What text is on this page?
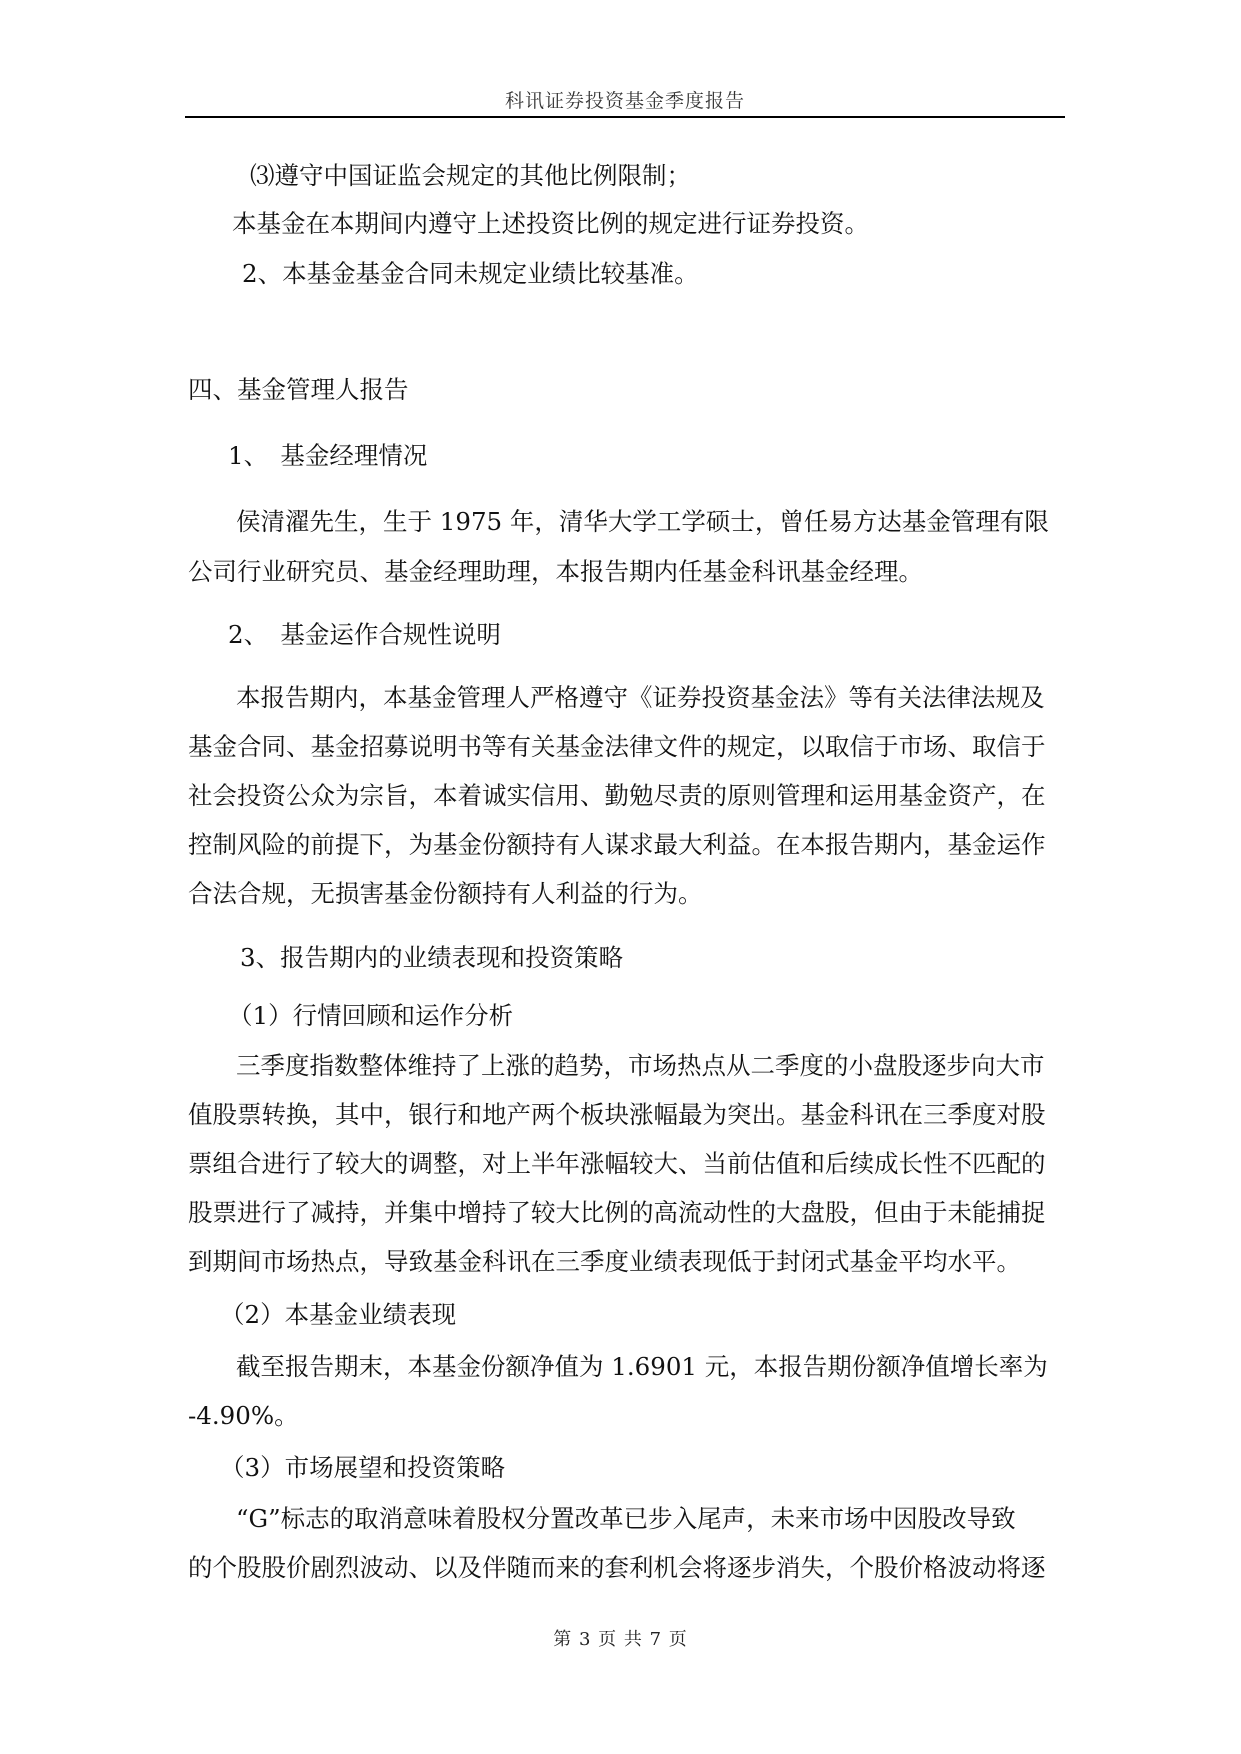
科讯证券投资基金季度报告
⑶遵守中国证监会规定的其他比例限制；
本基金在本期间内遵守上述投资比例的规定进行证券投资。
2、本基金基金合同未规定业绩比较基准。
四、基金管理人报告
1、　基金经理情况
侯清濯先生，生于 1975 年，清华大学工学硕士，曾任易方达基金管理有限
公司行业研究员、基金经理助理，本报告期内任基金科讯基金经理。
2、　基金运作合规性说明
本报告期内，本基金管理人严格遵守《证券投资基金法》等有关法律法规及
基金合同、基金招募说明书等有关基金法律文件的规定，以取信于市场、取信于
社会投资公众为宗旨，本着诚实信用、勤勉尽责的原则管理和运用基金资产，在
控制风险的前提下，为基金份额持有人谋求最大利益。在本报告期内，基金运作
合法合规，无损害基金份额持有人利益的行为。
3、报告期内的业绩表现和投资策略
（1）行情回顾和运作分析
三季度指数整体维持了上涨的趋势，市场热点从二季度的小盘股逐步向大市
值股票转换，其中，银行和地产两个板块涨幅最为突出。基金科讯在三季度对股
票组合进行了较大的调整，对上半年涨幅较大、当前估值和后续成长性不匹配的
股票进行了减持，并集中增持了较大比例的高流动性的大盘股，但由于未能捕捉
到期间市场热点，导致基金科讯在三季度业绩表现低于封闭式基金平均水平。
（2）本基金业绩表现
截至报告期末，本基金份额净值为 1.6901 元，本报告期份额净值增长率为
-4.90%。
（3）市场展望和投资策略
“G”标志的取消意味着股权分置改革已步入尾声，未来市场中因股改导致
的个股股价剧烈波动、以及伴随而来的套利机会将逐步消失，个股价格波动将逐
第 3 页 共 7 页
